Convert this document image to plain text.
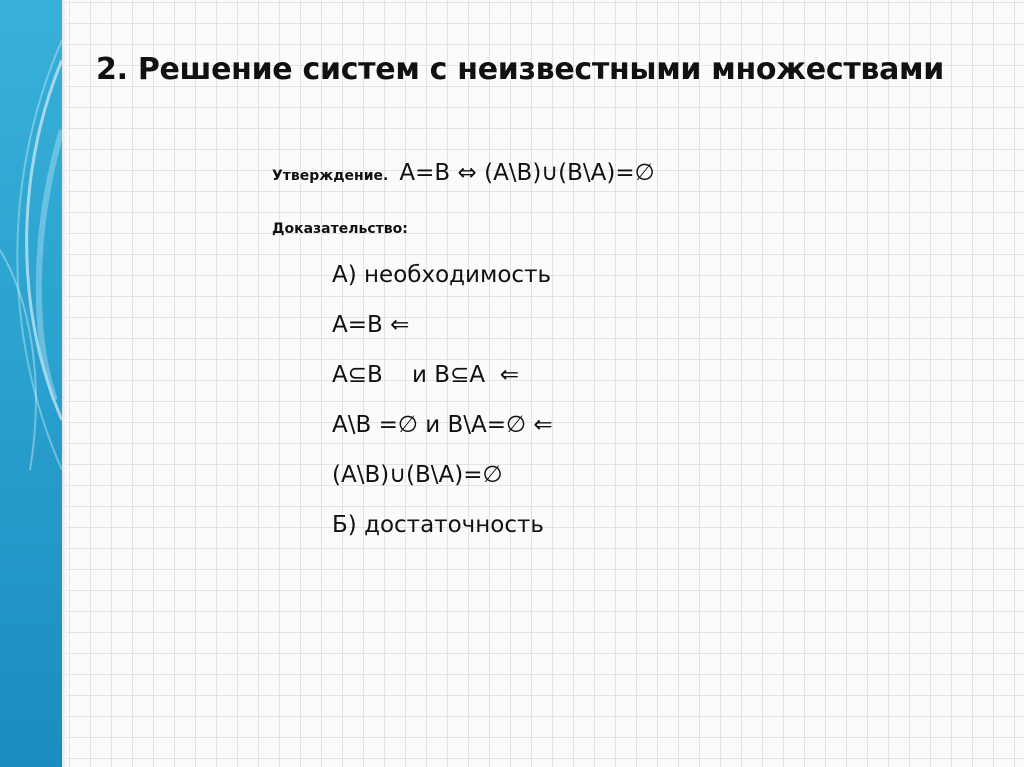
2. Решение систем с неизвестными множествами
Утверждение. A=B ⇔ (A\B)∪(B\A)=∅
Доказательство:
А) необходимость
A=B ⇐
A⊆B    и B⊆A  ⇐
A\B =∅ и B\A=∅ ⇐
(A\B)∪(B\A)=∅
Б) достаточность
